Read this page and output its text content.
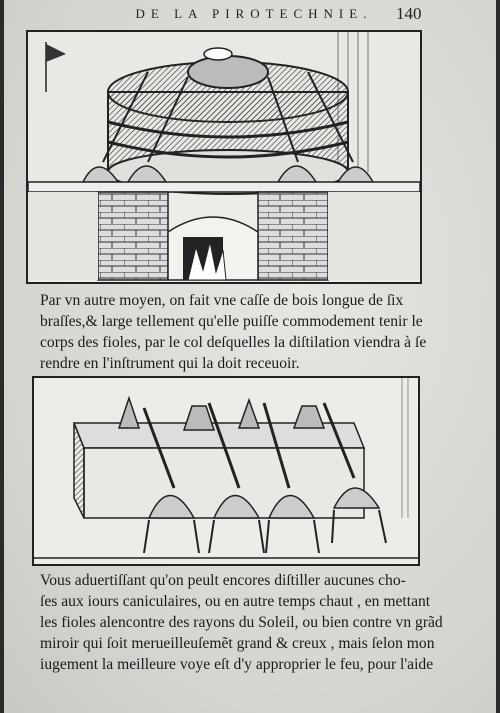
DE LA PIROTECHNIE.	140
Par vn autre moyen, on fait vne caſſe de bois longue de ſix
braſſes,& large tellement qu'elle puiſſe commodement tenir le
corps des fioles, par le col deſquelles la diſtilation viendra à ſe
rendre en l'inſtrument qui la doit receuoir.
Vous aduertiſſant qu'on peult encores diſtiller aucunes cho-
ſes aux iours caniculaires, ou en autre temps chaut , en mettant
les fioles alencontre des rayons du Soleil, ou bien contre vn grãd
miroir qui ſoit merueilleuſemẽt grand & creux , mais ſelon mon
iugement la meilleure voye eſt d'y approprier le feu, pour l'aide
